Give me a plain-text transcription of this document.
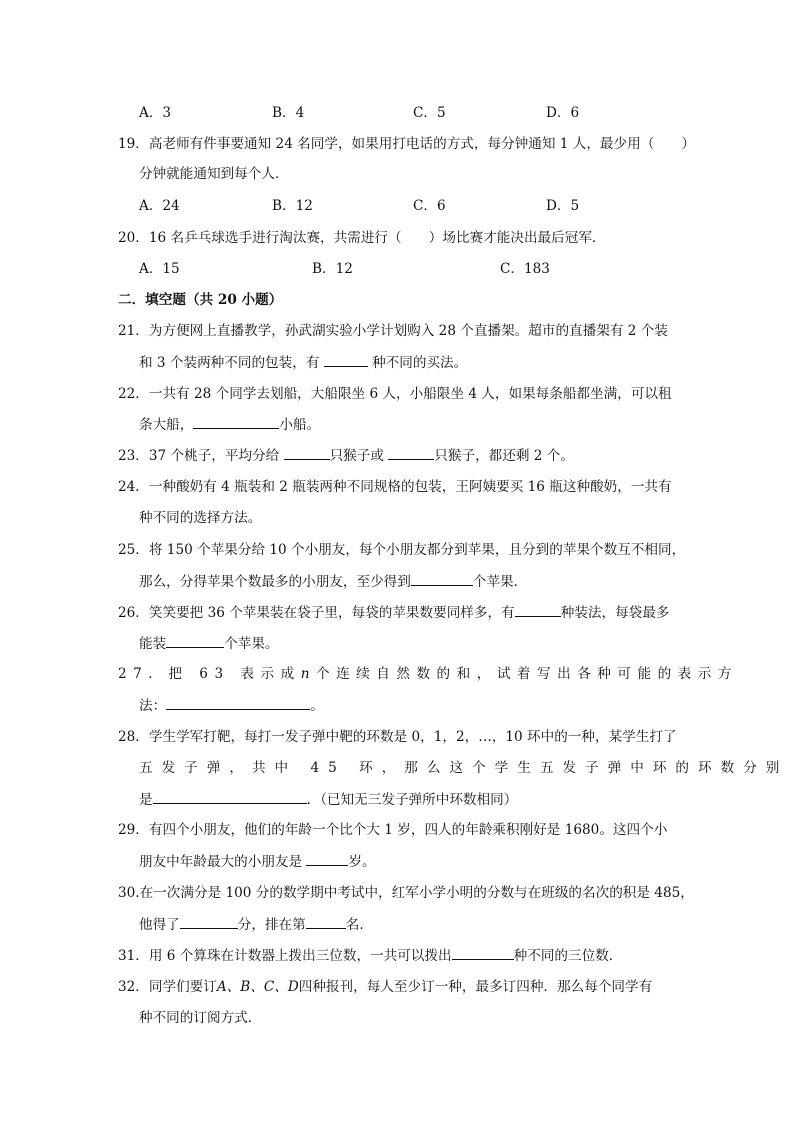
A．3	B．4	C．5	D．6
19．高老师有件事要通知 24 名同学，如果用打电话的方式，每分钟通知 1 人，最少用（　　）
分钟就能通知到每个人．
A．24	B．12	C．6	D．5
20．16 名乒乓球选手进行淘汰赛，共需进行（　　）场比赛才能决出最后冠军．
A．15	B．12	C．183
二．填空题（共 20 小题）
21．为方便网上直播教学，孙武湖实验小学计划购入 28 个直播架。超市的直播架有 2 个装
和 3 个装两种不同的包装，有	种不同的买法。
22．一共有 28 个同学去划船，大船限坐 6 人，小船限坐 4 人，如果每条船都坐满，可以租
条大船，	小船。
23．37 个桃子，平均分给	只猴子或	只猴子，都还剩 2 个。
24．一种酸奶有 4 瓶装和 2 瓶装两种不同规格的包装，王阿姨要买 16 瓶这种酸奶，一共有
种不同的选择方法。
25．将 150 个苹果分给 10 个小朋友，每个小朋友都分到苹果，且分到的苹果个数互不相同，
那么，分得苹果个数最多的小朋友，至少得到	个苹果.
26．笑笑要把 36 个苹果装在袋子里，每袋的苹果数要同样多，有	种装法，每袋最多
能装	个苹果。
27．把 63 表示成n个连续自然数的和，试着写出各种可能的表示方
法：	。
28．学生学军打靶，每打一发子弹中靶的环数是 0，1，2，…，10 环中的一种，某学生打了
五发子弹，共中 45 环，那么这个学生五发子弹中环的环数分别
是	．（已知无三发子弹所中环数相同）
29．有四个小朋友，他们的年龄一个比个大 1 岁，四人的年龄乘积刚好是 1680。这四个小
朋友中年龄最大的小朋友是	岁。
30.在一次满分是 100 分的数学期中考试中，红军小学小明的分数与在班级的名次的积是 485，
他得了	分，排在第	名.
31．用 6 个算珠在计数器上拨出三位数，一共可以拨出	种不同的三位数．
32．同学们要订A、B、C、D四种报刊，每人至少订一种，最多订四种．那么每个同学有
种不同的订阅方式．
